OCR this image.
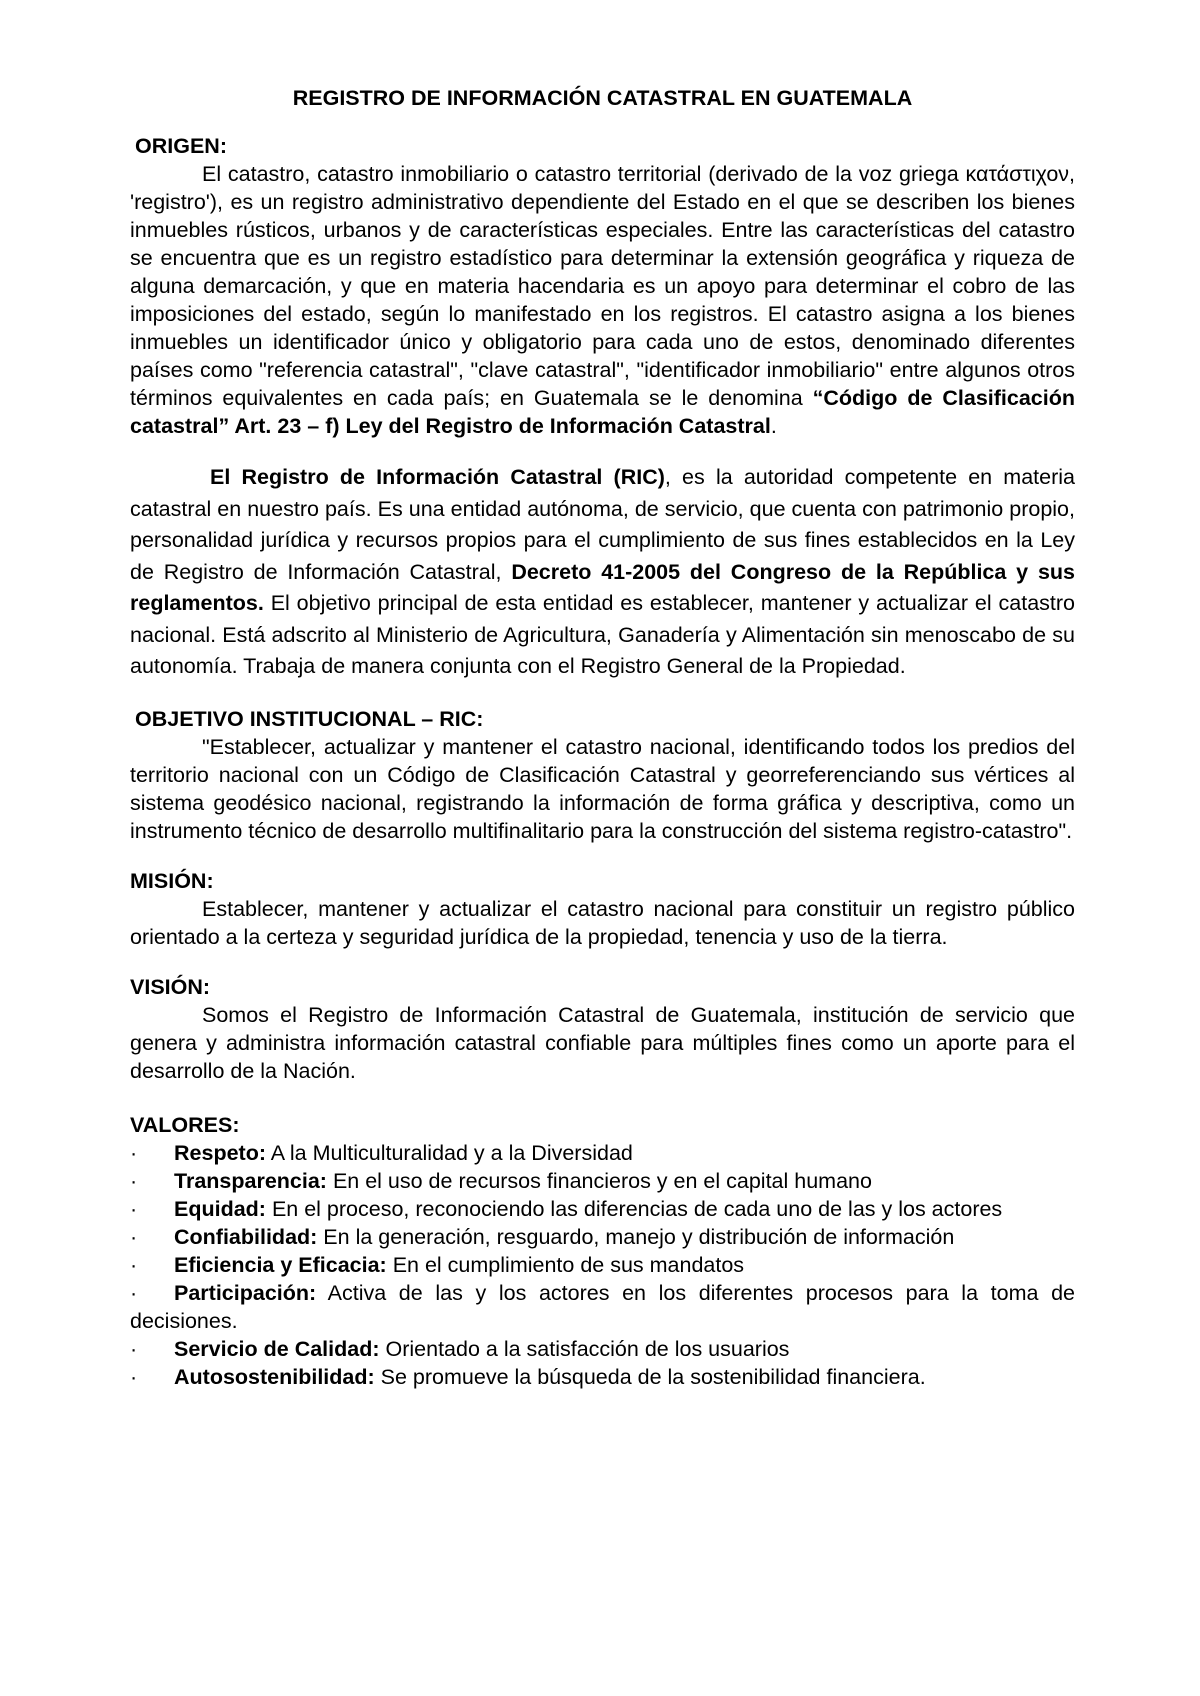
REGISTRO DE INFORMACIÓN CATASTRAL EN GUATEMALA
ORIGEN:

El catastro, catastro inmobiliario o catastro territorial (derivado de la voz griega κατάστιχον, 'registro'), es un registro administrativo dependiente del Estado en el que se describen los bienes inmuebles rústicos, urbanos y de características especiales. Entre las características del catastro se encuentra que es un registro estadístico para determinar la extensión geográfica y riqueza de alguna demarcación, y que en materia hacendaria es un apoyo para determinar el cobro de las imposiciones del estado, según lo manifestado en los registros. El catastro asigna a los bienes inmuebles un identificador único y obligatorio para cada uno de estos, denominado diferentes países como "referencia catastral", "clave catastral", "identificador inmobiliario" entre algunos otros términos equivalentes en cada país; en Guatemala se le denomina “Código de Clasificación catastral” Art. 23 – f) Ley del Registro de Información Catastral.

El Registro de Información Catastral (RIC), es la autoridad competente en materia catastral en nuestro país. Es una entidad autónoma, de servicio, que cuenta con patrimonio propio, personalidad jurídica y recursos propios para el cumplimiento de sus fines establecidos en la Ley de Registro de Información Catastral, Decreto 41-2005 del Congreso de la República y sus reglamentos. El objetivo principal de esta entidad es establecer, mantener y actualizar el catastro nacional. Está adscrito al Ministerio de Agricultura, Ganadería y Alimentación sin menoscabo de su autonomía. Trabaja de manera conjunta con el Registro General de la Propiedad.

OBJETIVO INSTITUCIONAL – RIC:

"Establecer, actualizar y mantener el catastro nacional, identificando todos los predios del territorio nacional con un Código de Clasificación Catastral y georreferenciando sus vértices al sistema geodésico nacional, registrando la información de forma gráfica y descriptiva, como un instrumento técnico de desarrollo multifinalitario para la construcción del sistema registro-catastro".

MISIÓN:

Establecer, mantener y actualizar el catastro nacional para constituir un registro público orientado a la certeza y seguridad jurídica de la propiedad, tenencia y uso de la tierra.

VISIÓN:

Somos el Registro de Información Catastral de Guatemala, institución de servicio que genera y administra información catastral confiable para múltiples fines como un aporte para el desarrollo de la Nación.

VALORES:
· Respeto: A la Multiculturalidad y a la Diversidad
· Transparencia: En el uso de recursos financieros y en el capital humano
· Equidad: En el proceso, reconociendo las diferencias de cada uno de las y los actores
· Confiabilidad: En la generación, resguardo, manejo y distribución de información
· Eficiencia y Eficacia: En el cumplimiento de sus mandatos
· Participación: Activa de las y los actores en los diferentes procesos para la toma de decisiones.
· Servicio de Calidad: Orientado a la satisfacción de los usuarios
· Autosostenibilidad: Se promueve la búsqueda de la sostenibilidad financiera.
